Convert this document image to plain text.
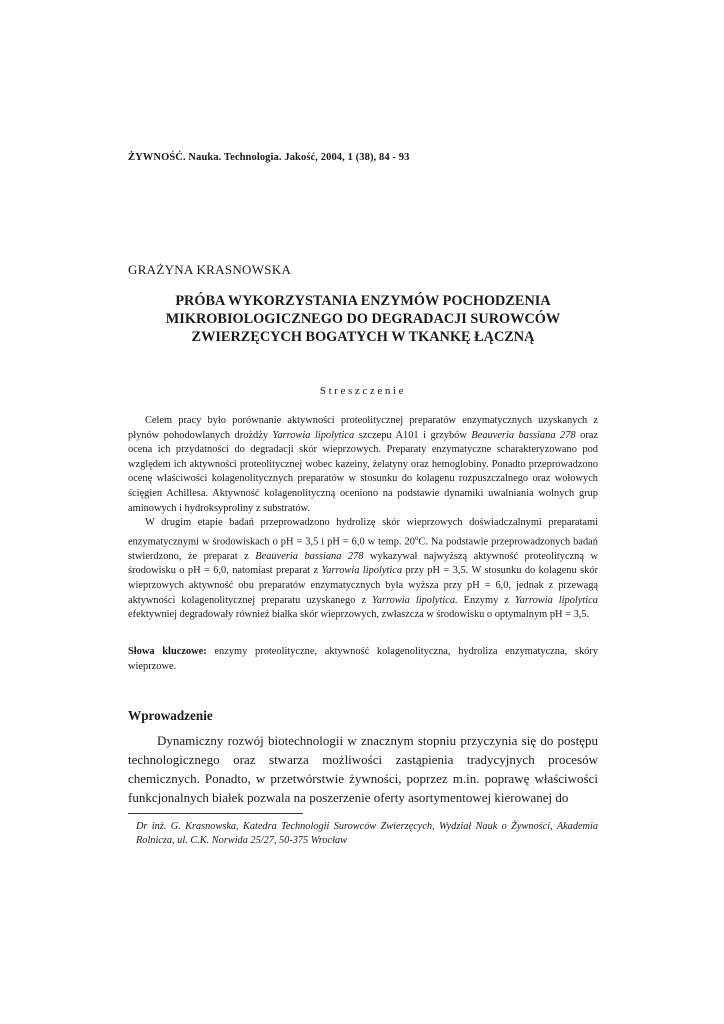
ŻYWNOŚĆ. Nauka. Technologia. Jakość, 2004, 1 (38), 84 - 93
GRAŻYNA KRASNOWSKA
PRÓBA WYKORZYSTANIA ENZYMÓW POCHODZENIA
MIKROBIOLOGICZNEGO DO DEGRADACJI SUROWCÓW
ZWIERZĘCYCH BOGATYCH W TKANKĘ ŁĄCZNĄ
Streszczenie

Celem pracy było porównanie aktywności proteolitycznej preparatów enzymatycznych uzyskanych z płynów pohodowlanych drożdży Yarrowia lipolytica szczepu A101 i grzybów Beauveria bassiana 278 oraz ocena ich przydatności do degradacji skór wieprzowych. Preparaty enzymatyczne scharakteryzowano pod względem ich aktywności proteolitycznej wobec kazeiny, żelatyny oraz hemoglobiny. Ponadto przeprowadzono ocenę właściwości kolagenolitycznych preparatów w stosunku do kolagenu rozpuszczalnego oraz wołowych ścięgien Achillesa. Aktywność kolagenolityczną oceniono na podstawie dynamiki uwalniania wolnych grup aminowych i hydroksyproliny z substratów.

W drugim etapie badań przeprowadzono hydrolizę skór wieprzowych doświadczalnymi preparatami enzymatycznymi w środowiskach o pH = 3,5 i pH = 6,0 w temp. 20$^o$C. Na podstawie przeprowadzonych badań stwierdzono, że preparat z Beauveria bassiana 278 wykazywał najwyższą aktywność proteolityczną w środowisku o pH = 6,0, natomiast preparat z Yarrowia lipolytica przy pH = 3,5. W stosunku do kolagenu skór wieprzowych aktywność obu preparatów enzymatycznych była wyższa przy pH = 6,0, jednak z przewagą aktywności kolagenolitycznej preparatu uzyskanego z Yarrowia lipolytica. Enzymy z Yarrowia lipolytica efektywniej degradowały również białka skór wieprzowych, zwłaszcza w środowisku o optymalnym pH = 3,5.

Słowa kluczowe: enzymy proteolityczne, aktywność kolagenolityczna, hydroliza enzymatyczna, skóry wieprzowe.
Wprowadzenie

Dynamiczny rozwój biotechnologii w znacznym stopniu przyczynia się do postępu technologicznego oraz stwarza możliwości zastąpienia tradycyjnych procesów chemicznych. Ponadto, w przetwórstwie żywności, poprzez m.in. poprawę właściwości funkcjonalnych białek pozwala na poszerzenie oferty asortymentowej kierowanej do

Dr inż. G. Krasnowska, Katedra Technologii Surowców Zwierzęcych, Wydział Nauk o Żywności, Akademia Rolnicza, ul. C.K. Norwida 25/27, 50-375 Wrocław
